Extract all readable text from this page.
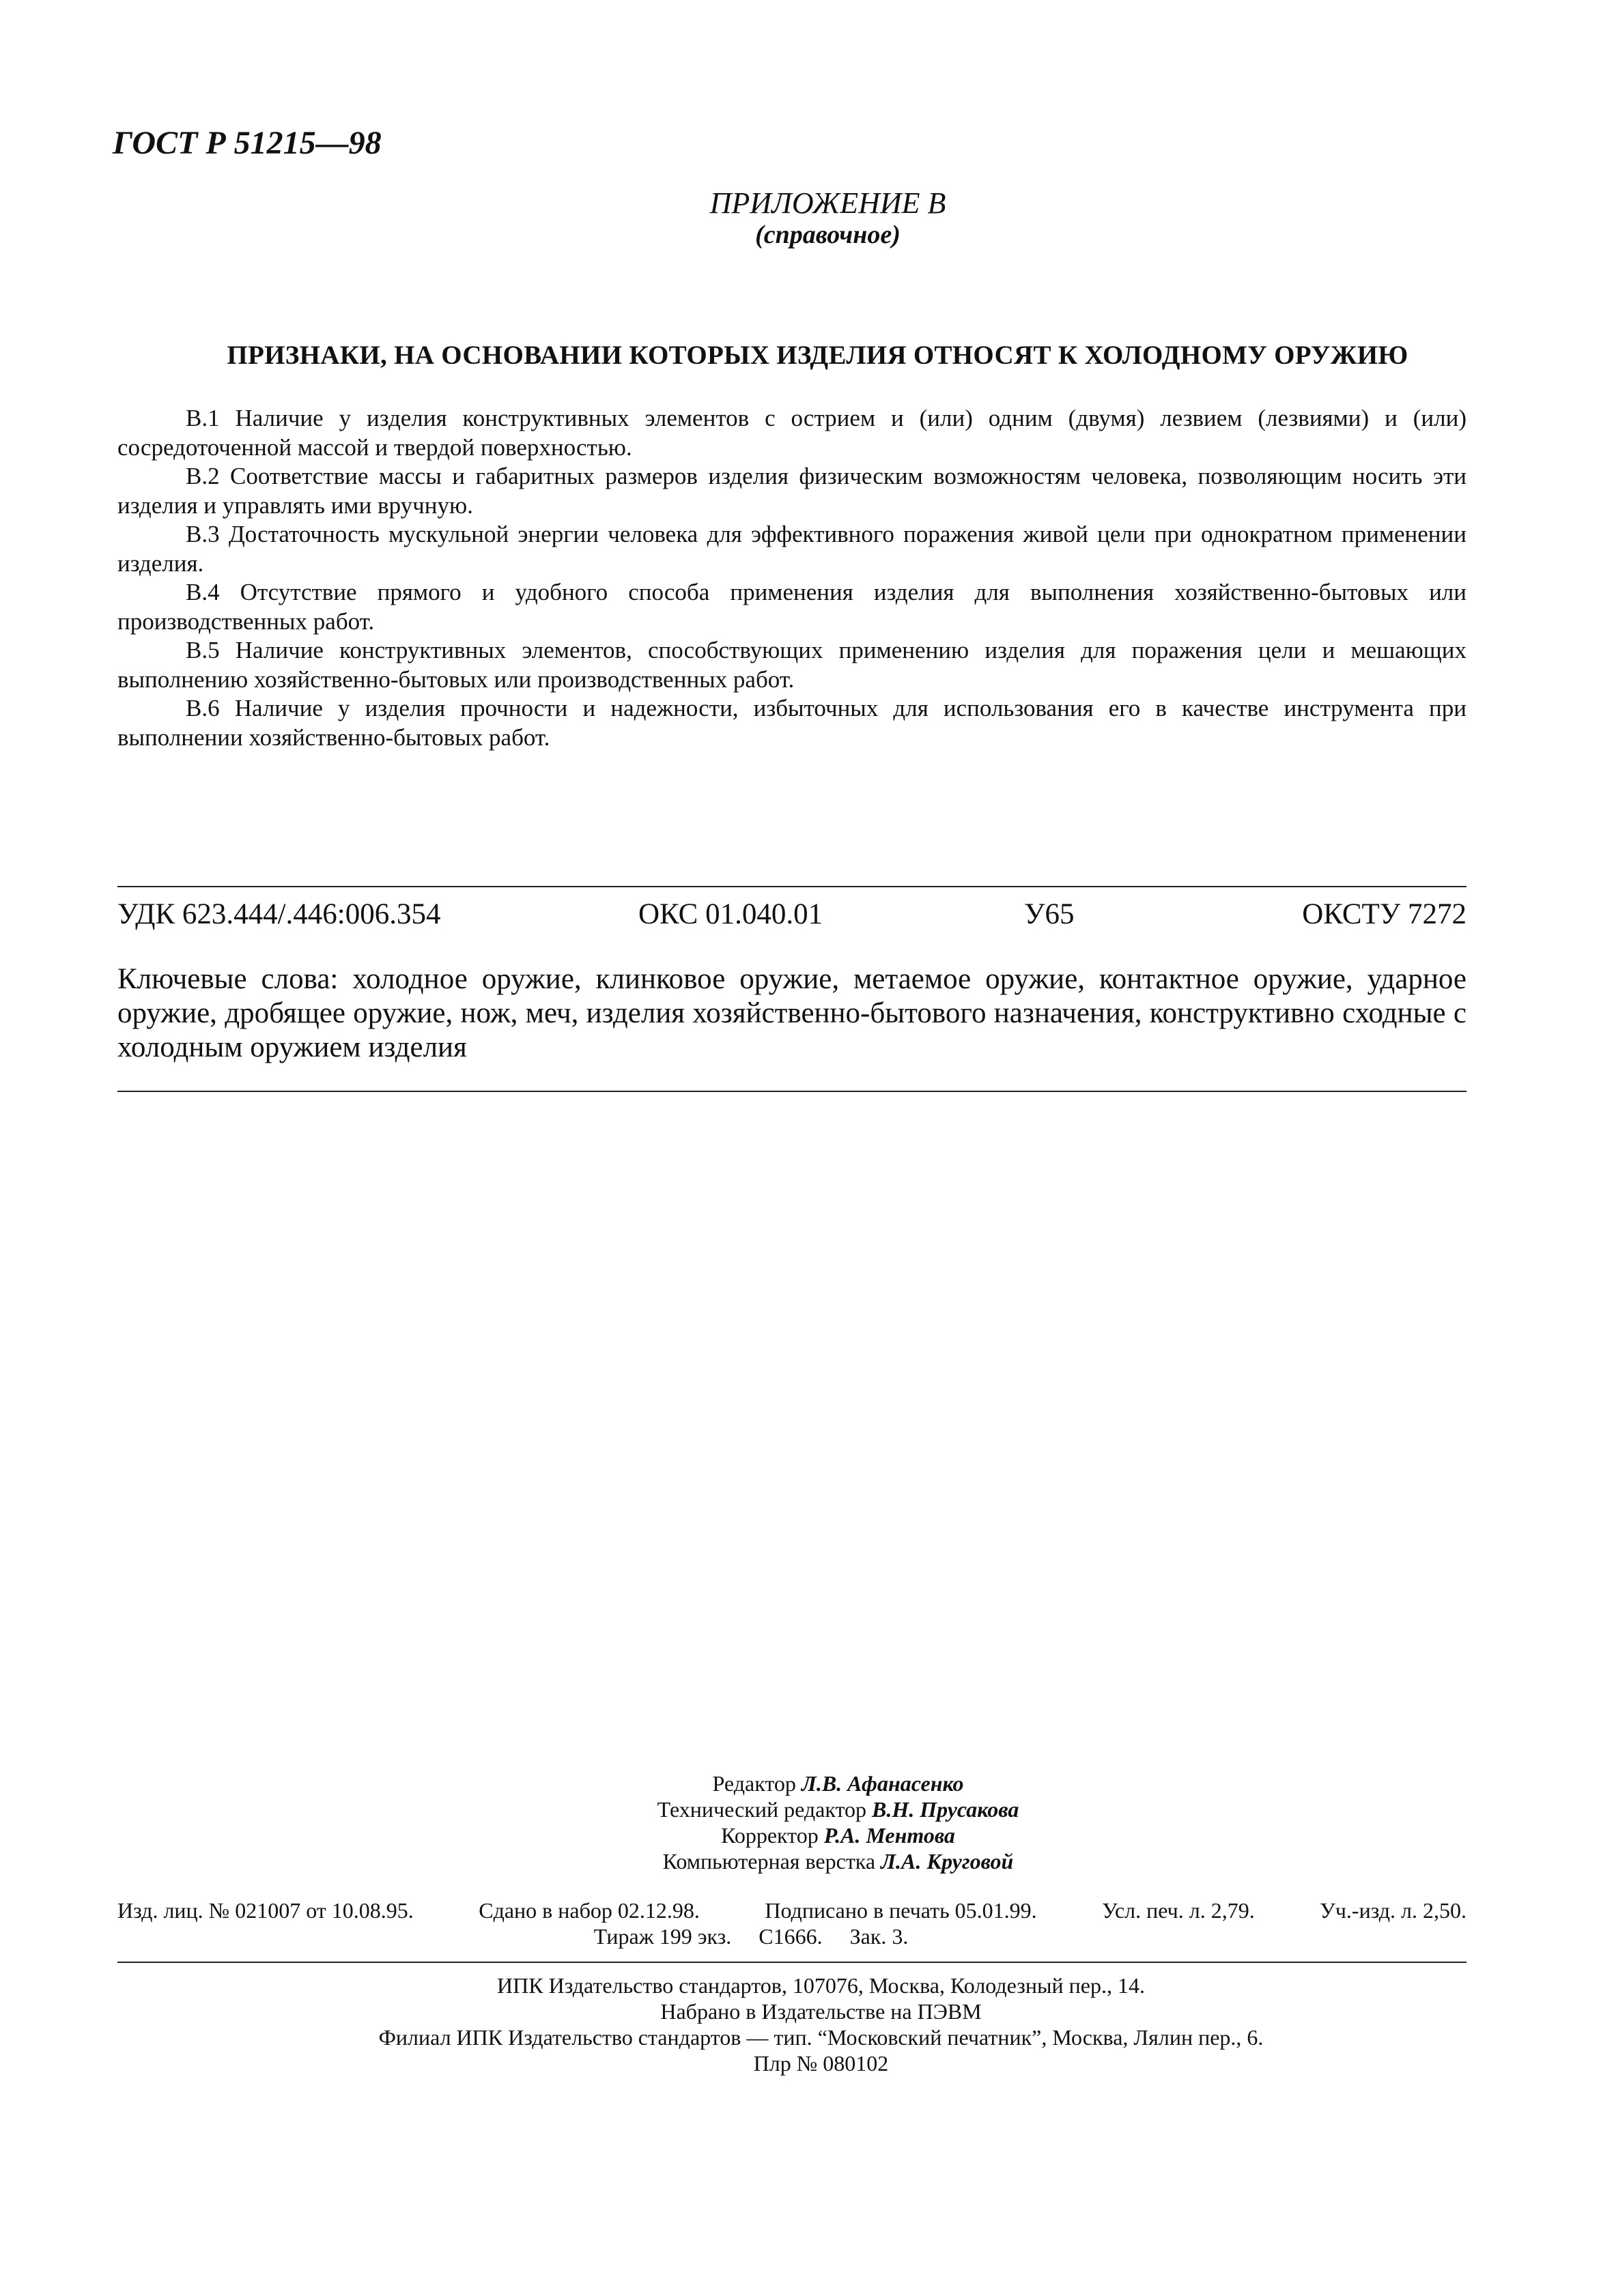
ГОСТ Р 51215—98
ПРИЛОЖЕНИЕ В
(справочное)
ПРИЗНАКИ, НА ОСНОВАНИИ КОТОРЫХ ИЗДЕЛИЯ ОТНОСЯТ К ХОЛОДНОМУ ОРУЖИЮ

В.1 Наличие у изделия конструктивных элементов с острием и (или) одним (двумя) лезвием (лезвиями) и (или) сосредоточенной массой и твердой поверхностью.

В.2 Соответствие массы и габаритных размеров изделия физическим возможностям человека, позволяющим носить эти изделия и управлять ими вручную.

В.3 Достаточность мускульной энергии человека для эффективного поражения живой цели при однократном применении изделия.

В.4 Отсутствие прямого и удобного способа применения изделия для выполнения хозяйственно-бытовых или производственных работ.

В.5 Наличие конструктивных элементов, способствующих применению изделия для поражения цели и мешающих выполнению хозяйственно-бытовых или производственных работ.

В.6 Наличие у изделия прочности и надежности, избыточных для использования его в качестве инструмента при выполнении хозяйственно-бытовых работ.

УДК 623.444/.446:006.354	ОКС 01.040.01	У65	ОКСТУ 7272
Ключевые слова: холодное оружие, клинковое оружие, метаемое оружие, контактное оружие, ударное оружие, дробящее оружие, нож, меч, изделия хозяйственно-бытового назначения, конструктивно сходные с холодным оружием изделия
Редактор Л.В. Афанасенко
Технический редактор В.Н. Прусакова
Корректор Р.А. Ментова
Компьютерная верстка Л.А. Круговой
Изд. лиц. № 021007 от 10.08.95.	Сдано в набор 02.12.98.	Подписано в печать 05.01.99.	Усл. печ. л. 2,79.	Уч.-изд. л. 2,50.
Тираж 199 экз. С1666. Зак. 3.
ИПК Издательство стандартов, 107076, Москва, Колодезный пер., 14.
Набрано в Издательстве на ПЭВМ
Филиал ИПК Издательство стандартов — тип. “Московский печатник”, Москва, Лялин пер., 6.
Плр № 080102
